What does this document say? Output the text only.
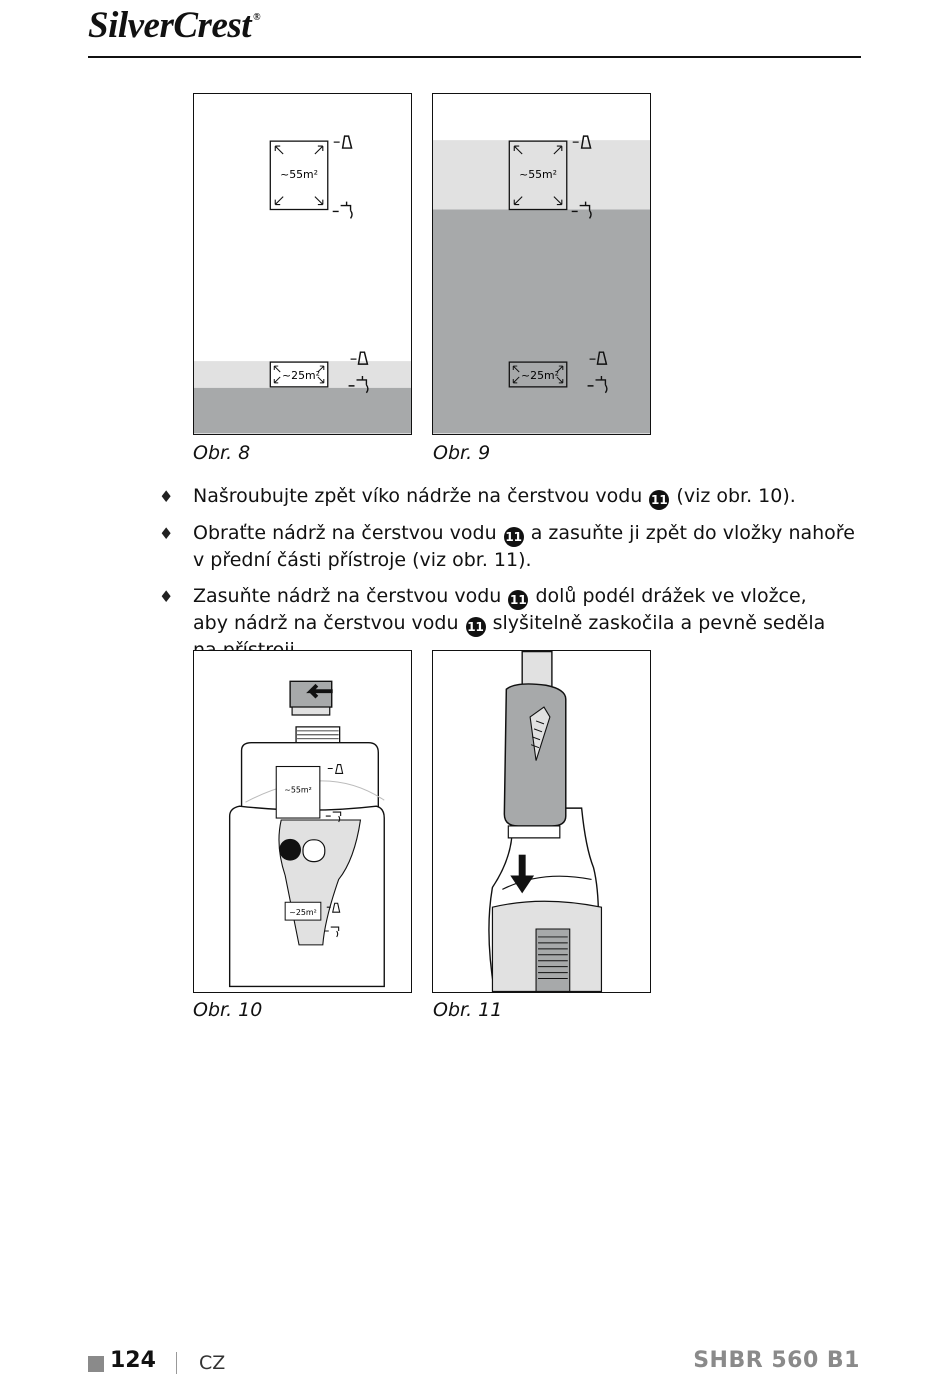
SilverCrest ®
~55m²
~25m²
Obr. 8
~55m²
~25m²
Obr. 9
♦ Našroubujte zpět víko nádrže na čerstvou vodu 11 (viz obr. 10).
♦ Obraťte nádrž na čerstvou vodu 11 a zasuňte ji zpět do vložky nahoře v přední části přístroje (viz obr. 11).
♦ Zasuňte nádrž na čerstvou vodu 11 dolů podél drážek ve vložce, aby nádrž na čerstvou vodu 11 slyšitelně zaskočila a pevně seděla
~55m²
~25m²
Obr. 10	Obr. 11
124 CZ	SHBR 560 B1
